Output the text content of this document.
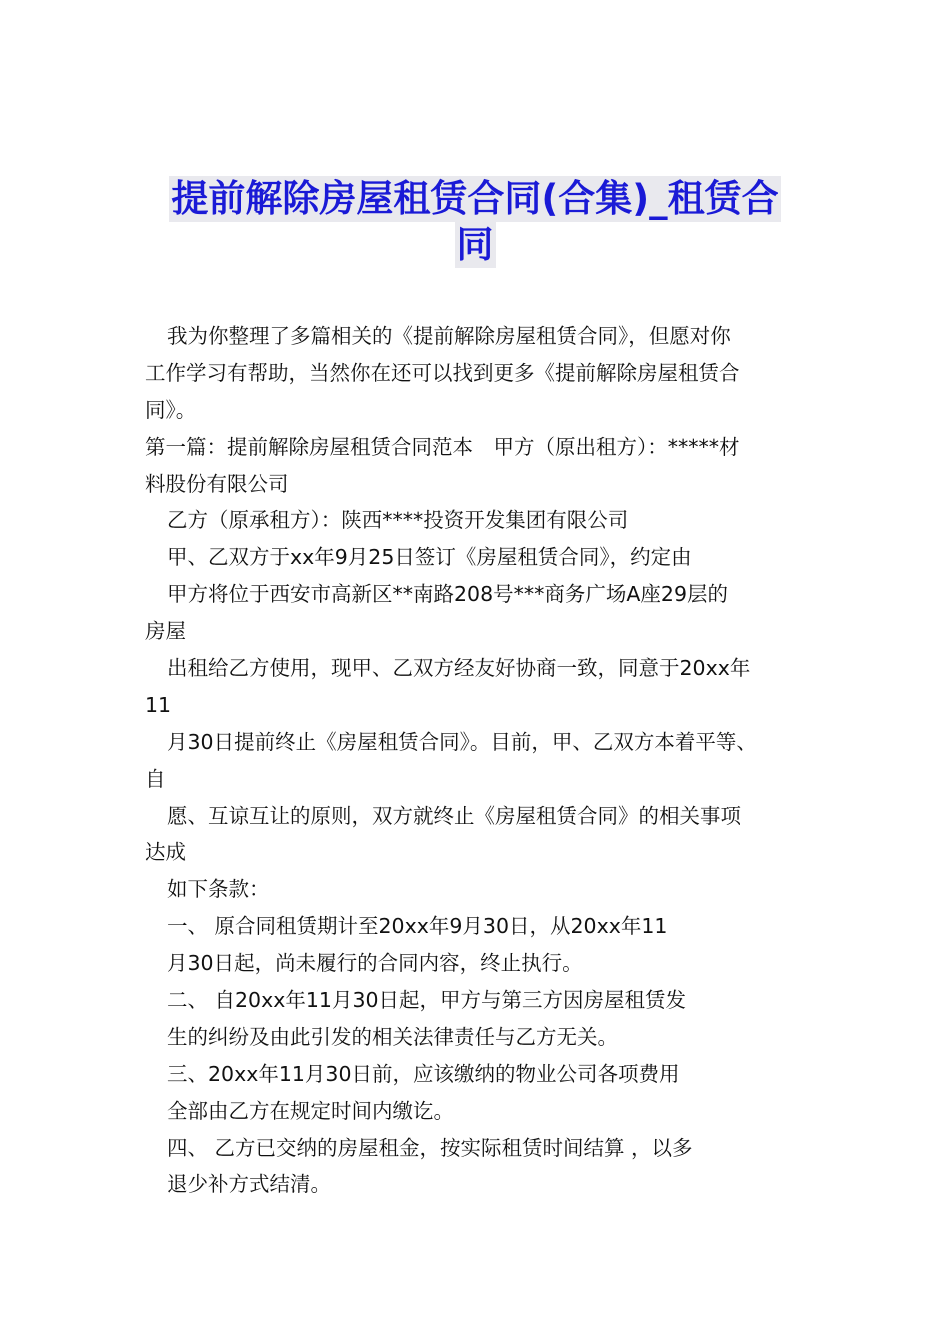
提前解除房屋租赁合同(合集)_租赁合
同
我为你整理了多篇相关的《提前解除房屋租赁合同》，但愿对你
工作学习有帮助，当然你在还可以找到更多《提前解除房屋租赁合
同》。
第一篇：提前解除房屋租赁合同范本　甲方（原出租方）：*****材
料股份有限公司
乙方（原承租方）：陕西****投资开发集团有限公司
甲、乙双方于xx年9月25日签订《房屋租赁合同》，约定由
甲方将位于西安市高新区**南路208号***商务广场A座29层的
房屋
出租给乙方使用，现甲、乙双方经友好协商一致，同意于20xx年
11
月30日提前终止《房屋租赁合同》。目前，甲、乙双方本着平等、
自
愿、互谅互让的原则，双方就终止《房屋租赁合同》的相关事项
达成
如下条款：
一、 原合同租赁期计至20xx年9月30日，从20xx年11
月30日起，尚未履行的合同内容，终止执行。
二、 自20xx年11月30日起，甲方与第三方因房屋租赁发
生的纠纷及由此引发的相关法律责任与乙方无关。
三、20xx年11月30日前，应该缴纳的物业公司各项费用
全部由乙方在规定时间内缴讫。
四、 乙方已交纳的房屋租金，按实际租赁时间结算 ，以多
退少补方式结清。
